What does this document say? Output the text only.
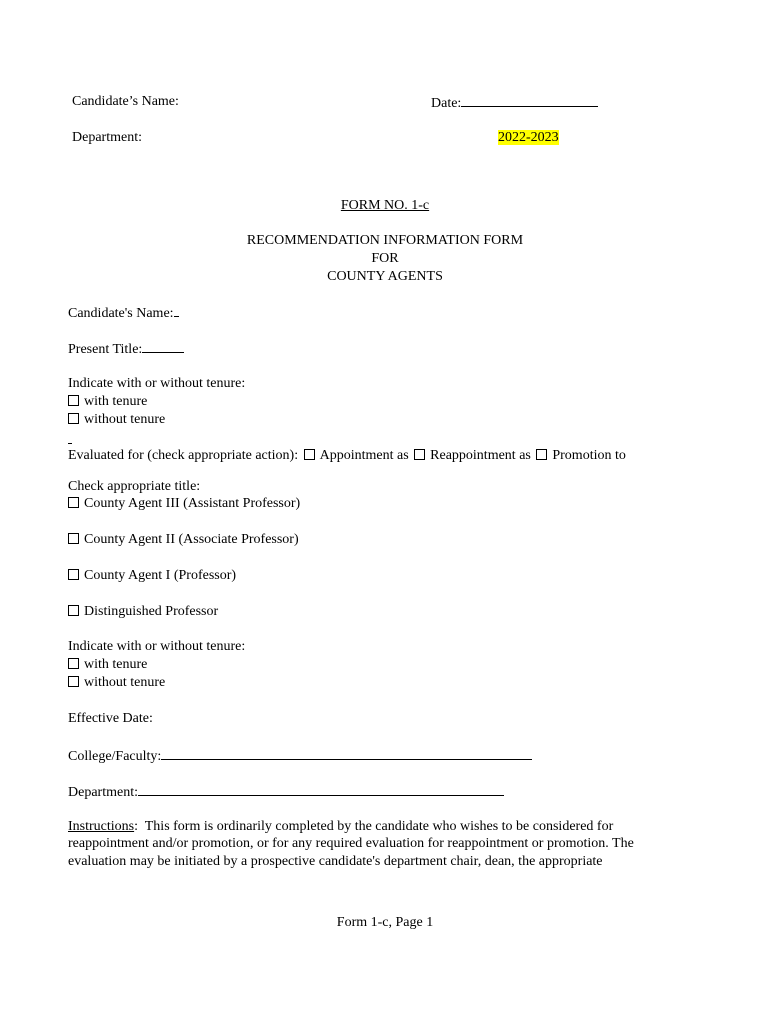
Candidate’s Name:	Date:
Department:	2022-2023
FORM NO. 1-c
RECOMMENDATION INFORMATION FORM
FOR
COUNTY AGENTS
Candidate's Name:
Present Title:
Indicate with or without tenure:
with tenure
without tenure
Evaluated for (check appropriate action): Appointment as Reappointment as Promotion to
Check appropriate title:
County Agent III (Assistant Professor)
County Agent II (Associate Professor)
County Agent I (Professor)
Distinguished Professor
Indicate with or without tenure:
with tenure
without tenure
Effective Date:
College/Faculty:
Department:
Instructions:  This form is ordinarily completed by the candidate who wishes to be considered for
reappointment and/or promotion, or for any required evaluation for reappointment or promotion. The
evaluation may be initiated by a prospective candidate's department chair, dean, the appropriate
Form 1-c, Page 1
